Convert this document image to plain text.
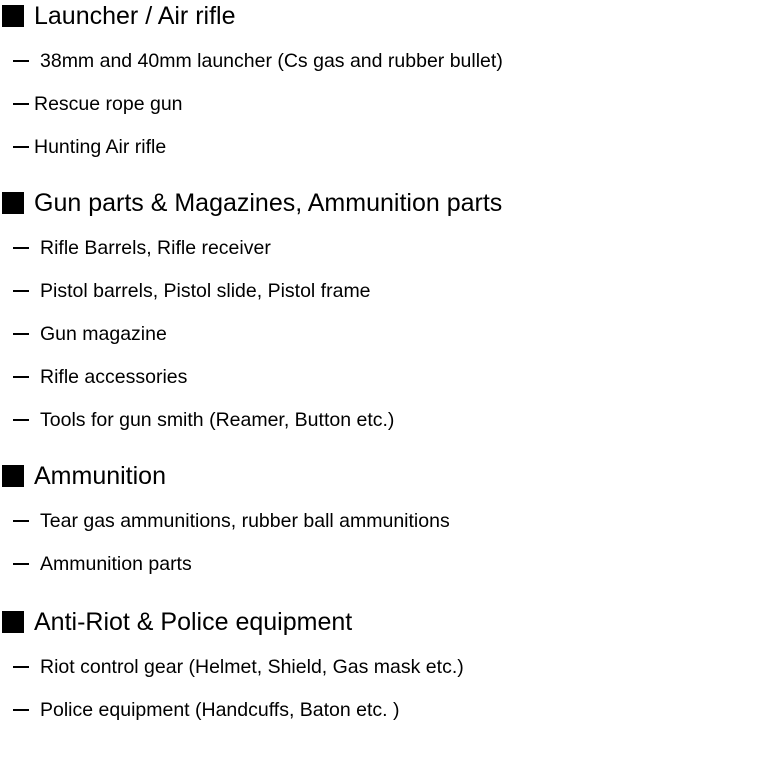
Launcher / Air rifle
38mm and 40mm launcher (Cs gas and rubber bullet)
Rescue rope gun
Hunting Air rifle
Gun parts & Magazines, Ammunition parts
Rifle Barrels, Rifle receiver
Pistol barrels, Pistol slide, Pistol frame
Gun magazine
Rifle accessories
Tools for gun smith (Reamer, Button etc.)
Ammunition
Tear gas ammunitions, rubber ball ammunitions
Ammunition parts
Anti-Riot & Police equipment
Riot control gear (Helmet, Shield, Gas mask etc.)
Police equipment (Handcuffs, Baton etc. )
